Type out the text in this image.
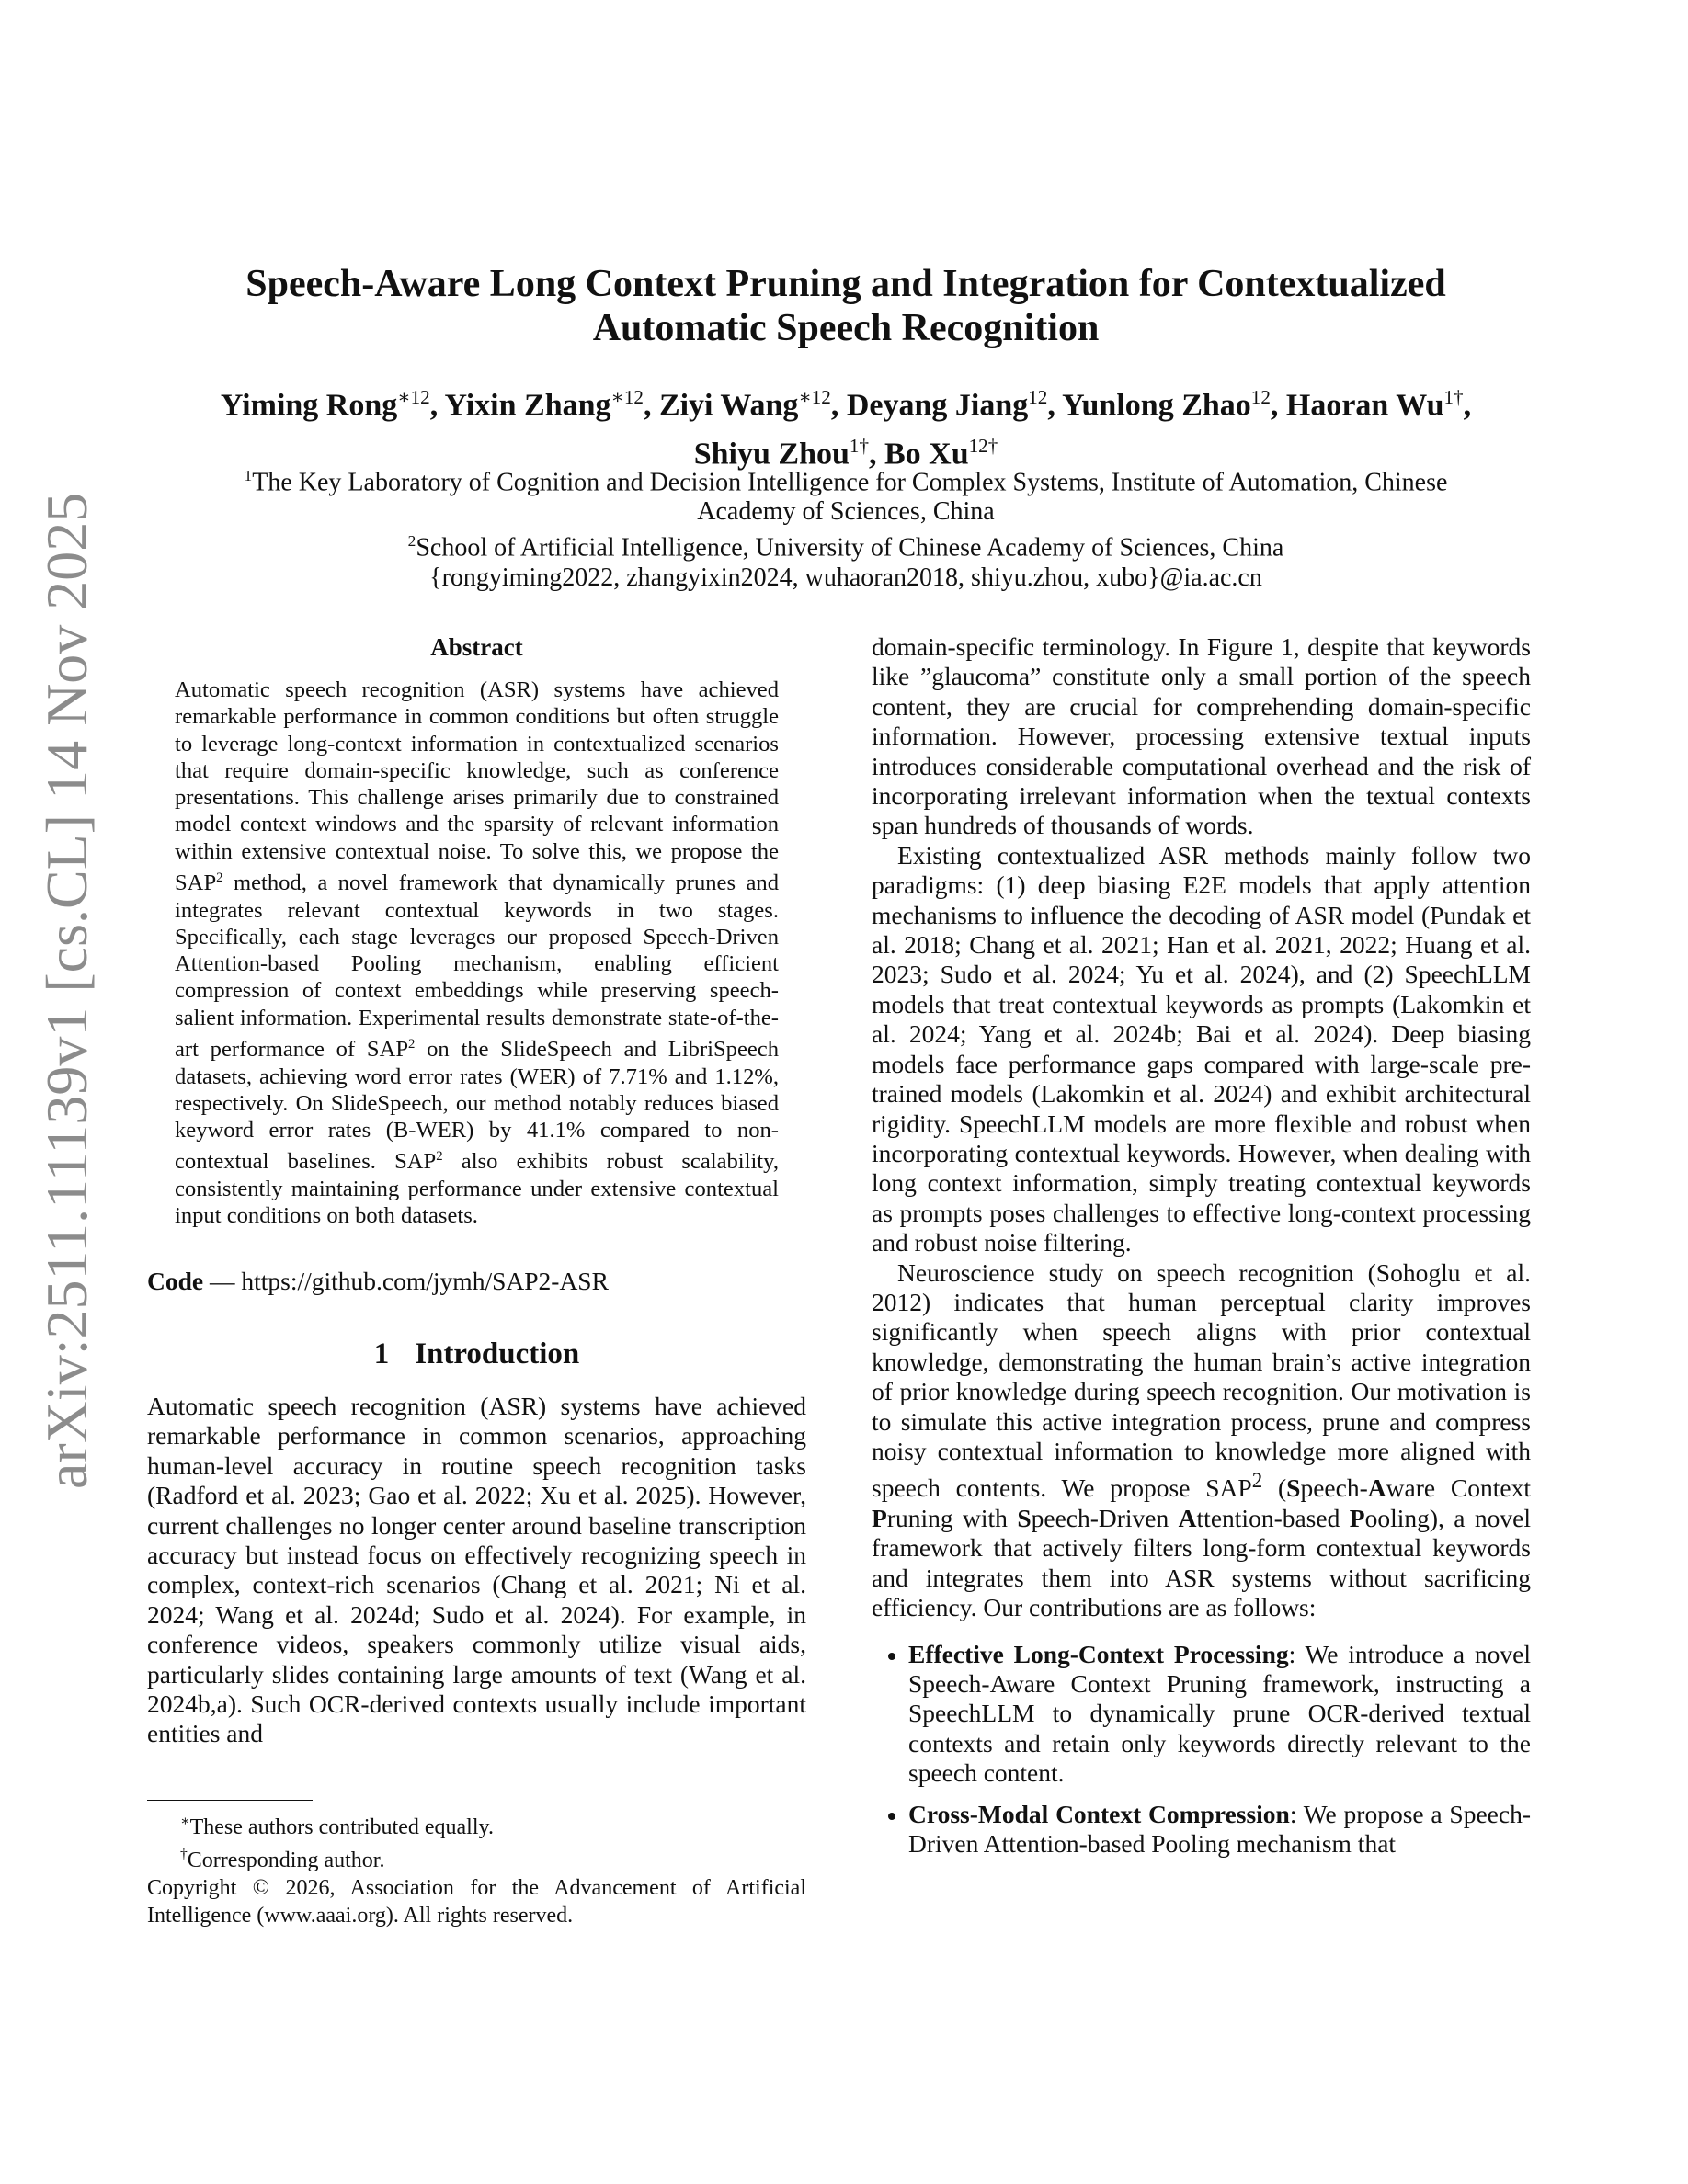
arXiv:2511.11139v1 [cs.CL] 14 Nov 2025
Speech-Aware Long Context Pruning and Integration for Contextualized
Automatic Speech Recognition
Yiming Rong$^{∗12}$, Yixin Zhang$^{∗12}$, Ziyi Wang$^{∗12}$, Deyang Jiang$^{12}$, Yunlong Zhao$^{12}$, Haoran $Wu^{1\dagger}$,
Shiyu Zhou$^{1\dagger}$, Bo $Xu^{12\dagger}$
$^1$The Key Laboratory of Cognition and Decision Intelligence for Complex Systems, Institute of Automation, Chinese
Academy of Sciences, China
$^2$School of Artificial Intelligence, University of Chinese Academy of Sciences, China
{rongyiming2022, zhangyixin2024, wuhaoran2018, shiyu.zhou, xubo}@ia.ac.cn
Abstract

Automatic speech recognition (ASR) systems have achieved remarkable performance in common conditions but often struggle to leverage long-context information in contextualized scenarios that require domain-specific knowledge, such as conference presentations. This challenge arises primarily due to constrained model context windows and the sparsity of relevant information within extensive contextual noise. To solve this, we propose the SAP$^2$ method, a novel framework that dynamically prunes and integrates relevant contextual keywords in two stages. Specifically, each stage leverages our proposed Speech-Driven Attention-based Pooling mechanism, enabling efficient compression of context embeddings while preserving speech-salient information. Experimental results demonstrate state-of-the-art performance of SAP$^2$ on the SlideSpeech and LibriSpeech datasets, achieving word error rates (WER) of 7.71% and 1.12%, respectively. On SlideSpeech, our method notably reduces biased keyword error rates (B-WER) by 41.1% compared to non-contextual baselines. SAP$^2$ also exhibits robust scalability, consistently maintaining performance under extensive contextual input conditions on both datasets.

Code — https://github.com/jymh/SAP2-ASR
1 Introduction

Automatic speech recognition (ASR) systems have achieved remarkable performance in common scenarios, approaching human-level accuracy in routine speech recognition tasks (Radford et al. 2023; Gao et al. 2022; Xu et al. 2025). However, current challenges no longer center around baseline transcription accuracy but instead focus on effectively recognizing speech in complex, context-rich scenarios (Chang et al. 2021; Ni et al. 2024; Wang et al. 2024d; Sudo et al. 2024). For example, in conference videos, speakers commonly utilize visual aids, particularly slides containing large amounts of text (Wang et al. 2024b,a). Such OCR-derived contexts usually include important entities and

∗These authors contributed equally.
†Corresponding author.
Copyright © 2026, Association for the Advancement of Artificial Intelligence (www.aaai.org). All rights reserved.

domain-specific terminology. In Figure 1, despite that keywords like ”glaucoma” constitute only a small portion of the speech content, they are crucial for comprehending domain-specific information. However, processing extensive textual inputs introduces considerable computational overhead and the risk of incorporating irrelevant information when the textual contexts span hundreds of thousands of words.

Existing contextualized ASR methods mainly follow two paradigms: (1) deep biasing E2E models that apply attention mechanisms to influence the decoding of ASR model (Pundak et al. 2018; Chang et al. 2021; Han et al. 2021, 2022; Huang et al. 2023; Sudo et al. 2024; Yu et al. 2024), and (2) SpeechLLM models that treat contextual keywords as prompts (Lakomkin et al. 2024; Yang et al. 2024b; Bai et al. 2024). Deep biasing models face performance gaps compared with large-scale pre-trained models (Lakomkin et al. 2024) and exhibit architectural rigidity. SpeechLLM models are more flexible and robust when incorporating contextual keywords. However, when dealing with long context information, simply treating contextual keywords as prompts poses challenges to effective long-context processing and robust noise filtering.

Neuroscience study on speech recognition (Sohoglu et al. 2012) indicates that human perceptual clarity improves significantly when speech aligns with prior contextual knowledge, demonstrating the human brain’s active integration of prior knowledge during speech recognition. Our motivation is to simulate this active integration process, prune and compress noisy contextual information to knowledge more aligned with speech contents. We propose SAP$^2$ (Speech-Aware Context Pruning with Speech-Driven Attention-based Pooling), a novel framework that actively filters long-form contextual keywords and integrates them into ASR systems without sacrificing efficiency. Our contributions are as follows:

• Effective Long-Context Processing: We introduce a novel Speech-Aware Context Pruning framework, instructing a SpeechLLM to dynamically prune OCR-derived textual contexts and retain only keywords directly relevant to the speech content.
• Cross-Modal Context Compression: We propose a Speech-Driven Attention-based Pooling mechanism that
